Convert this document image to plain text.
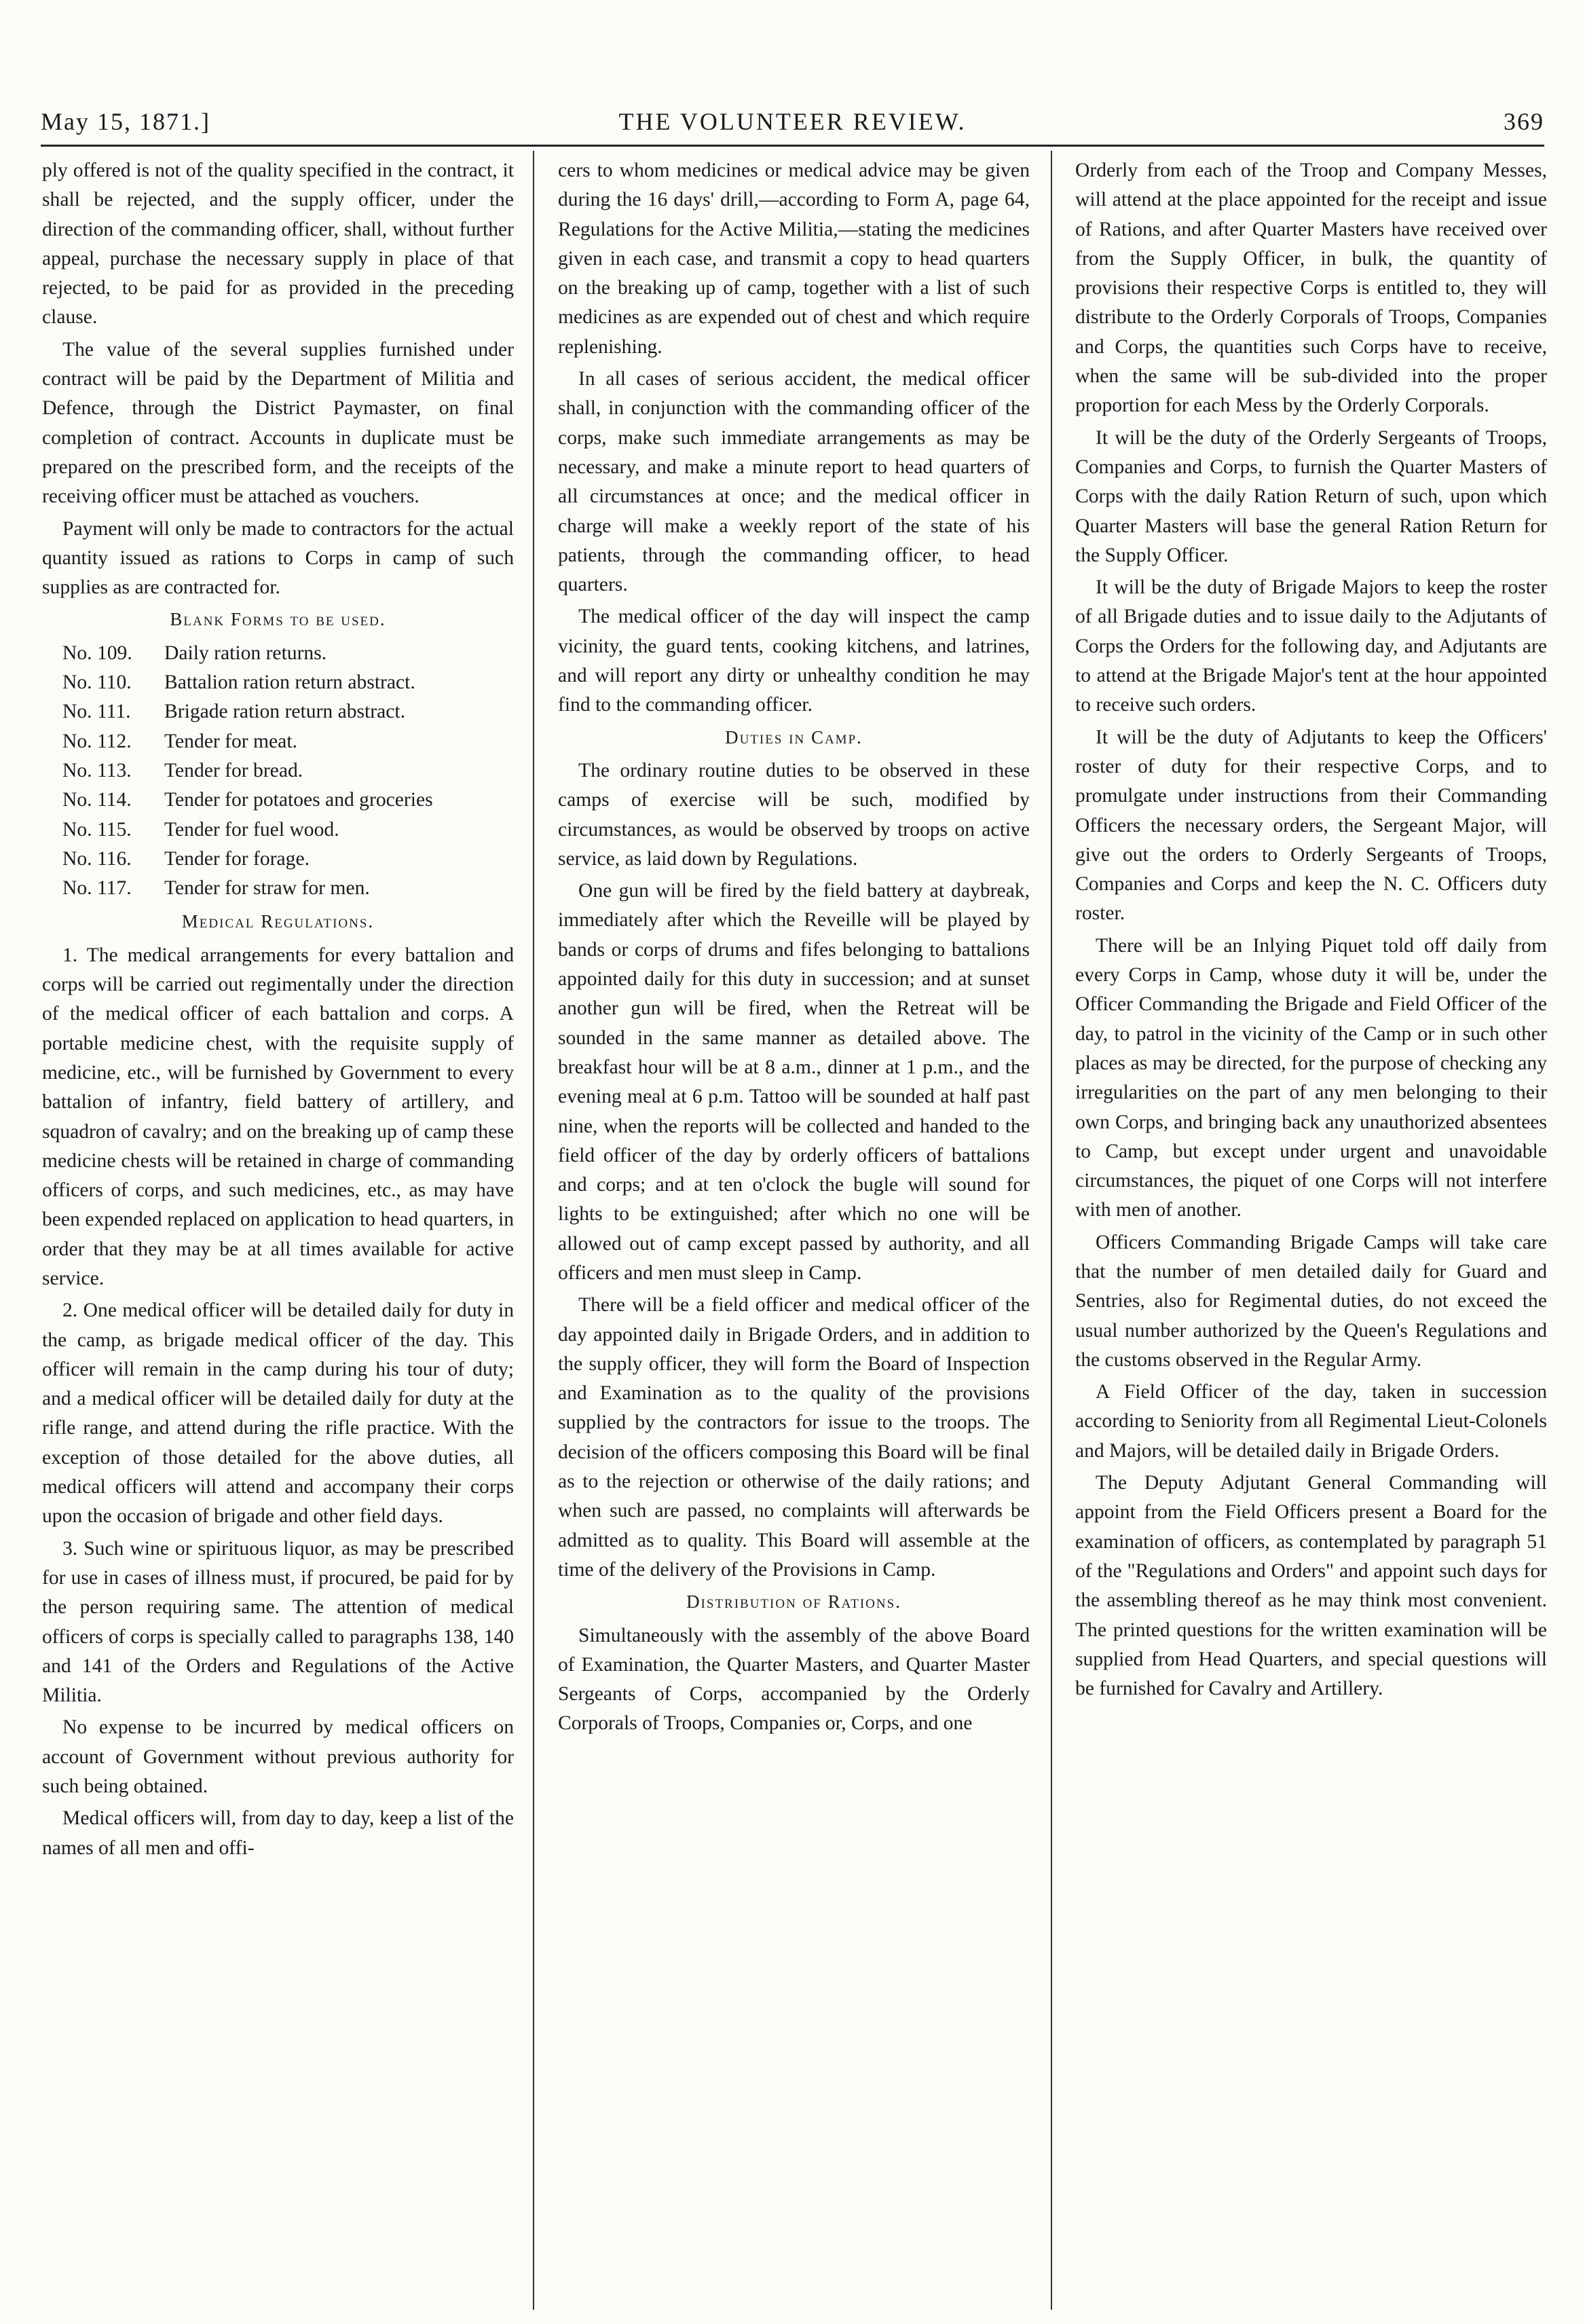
May 15, 1871.]	THE VOLUNTEER REVIEW.	369

ply offered is not of the quality specified in the contract, it shall be rejected, and the supply officer, under the direction of the commanding officer, shall, without further appeal, purchase the necessary supply in place of that rejected, to be paid for as provided in the preceding clause.

The value of the several supplies furnished under contract will be paid by the Department of Militia and Defence, through the District Paymaster, on final completion of contract. Accounts in duplicate must be prepared on the prescribed form, and the receipts of the receiving officer must be attached as vouchers.

Payment will only be made to contractors for the actual quantity issued as rations to Corps in camp of such supplies as are contracted for.

Blank Forms to be used.
No. 109. Daily ration returns.
No. 110. Battalion ration return abstract.
No. 111. Brigade ration return abstract.
No. 112. Tender for meat.
No. 113. Tender for bread.
No. 114. Tender for potatoes and groceries
No. 115. Tender for fuel wood.
No. 116. Tender for forage.
No. 117. Tender for straw for men.
Medical Regulations.

1. The medical arrangements for every battalion and corps will be carried out regimentally under the direction of the medical officer of each battalion and corps. A portable medicine chest, with the requisite supply of medicine, etc., will be furnished by Government to every battalion of infantry, field battery of artillery, and squadron of cavalry; and on the breaking up of camp these medicine chests will be retained in charge of commanding officers of corps, and such medicines, etc., as may have been expended replaced on application to head quarters, in order that they may be at all times available for active service.

2. One medical officer will be detailed daily for duty in the camp, as brigade medical officer of the day. This officer will remain in the camp during his tour of duty; and a medical officer will be detailed daily for duty at the rifle range, and attend during the rifle practice. With the exception of those detailed for the above duties, all medical officers will attend and accompany their corps upon the occasion of brigade and other field days.

3. Such wine or spirituous liquor, as may be prescribed for use in cases of illness must, if procured, be paid for by the person requiring same. The attention of medical officers of corps is specially called to paragraphs 138, 140 and 141 of the Orders and Regulations of the Active Militia.

No expense to be incurred by medical officers on account of Government without previous authority for such being obtained.

Medical officers will, from day to day, keep a list of the names of all men and offi-

cers to whom medicines or medical advice may be given during the 16 days' drill,—according to Form A, page 64, Regulations for the Active Militia,—stating the medicines given in each case, and transmit a copy to head quarters on the breaking up of camp, together with a list of such medicines as are expended out of chest and which require replenishing.

In all cases of serious accident, the medical officer shall, in conjunction with the commanding officer of the corps, make such immediate arrangements as may be necessary, and make a minute report to head quarters of all circumstances at once; and the medical officer in charge will make a weekly report of the state of his patients, through the commanding officer, to head quarters.

The medical officer of the day will inspect the camp vicinity, the guard tents, cooking kitchens, and latrines, and will report any dirty or unhealthy condition he may find to the commanding officer.

Duties in Camp.

The ordinary routine duties to be observed in these camps of exercise will be such, modified by circumstances, as would be observed by troops on active service, as laid down by Regulations.

One gun will be fired by the field battery at daybreak, immediately after which the Reveille will be played by bands or corps of drums and fifes belonging to battalions appointed daily for this duty in succession; and at sunset another gun will be fired, when the Retreat will be sounded in the same manner as detailed above. The breakfast hour will be at 8 a.m., dinner at 1 p.m., and the evening meal at 6 p.m. Tattoo will be sounded at half past nine, when the reports will be collected and handed to the field officer of the day by orderly officers of battalions and corps; and at ten o'clock the bugle will sound for lights to be extinguished; after which no one will be allowed out of camp except passed by authority, and all officers and men must sleep in Camp.

There will be a field officer and medical officer of the day appointed daily in Brigade Orders, and in addition to the supply officer, they will form the Board of Inspection and Examination as to the quality of the provisions supplied by the contractors for issue to the troops. The decision of the officers composing this Board will be final as to the rejection or otherwise of the daily rations; and when such are passed, no complaints will afterwards be admitted as to quality. This Board will assemble at the time of the delivery of the Provisions in Camp.

Distribution of Rations.

Simultaneously with the assembly of the above Board of Examination, the Quarter Masters, and Quarter Master Sergeants of Corps, accompanied by the Orderly Corporals of Troops, Companies or, Corps, and one

Orderly from each of the Troop and Company Messes, will attend at the place appointed for the receipt and issue of Rations, and after Quarter Masters have received over from the Supply Officer, in bulk, the quantity of provisions their respective Corps is entitled to, they will distribute to the Orderly Corporals of Troops, Companies and Corps, the quantities such Corps have to receive, when the same will be sub-divided into the proper proportion for each Mess by the Orderly Corporals.

It will be the duty of the Orderly Sergeants of Troops, Companies and Corps, to furnish the Quarter Masters of Corps with the daily Ration Return of such, upon which Quarter Masters will base the general Ration Return for the Supply Officer.

It will be the duty of Brigade Majors to keep the roster of all Brigade duties and to issue daily to the Adjutants of Corps the Orders for the following day, and Adjutants are to attend at the Brigade Major's tent at the hour appointed to receive such orders.

It will be the duty of Adjutants to keep the Officers' roster of duty for their respective Corps, and to promulgate under instructions from their Commanding Officers the necessary orders, the Sergeant Major, will give out the orders to Orderly Sergeants of Troops, Companies and Corps and keep the N. C. Officers duty roster.

There will be an Inlying Piquet told off daily from every Corps in Camp, whose duty it will be, under the Officer Commanding the Brigade and Field Officer of the day, to patrol in the vicinity of the Camp or in such other places as may be directed, for the purpose of checking any irregularities on the part of any men belonging to their own Corps, and bringing back any unauthorized absentees to Camp, but except under urgent and unavoidable circumstances, the piquet of one Corps will not interfere with men of another.

Officers Commanding Brigade Camps will take care that the number of men detailed daily for Guard and Sentries, also for Regimental duties, do not exceed the usual number authorized by the Queen's Regulations and the customs observed in the Regular Army.

A Field Officer of the day, taken in succession according to Seniority from all Regimental Lieut-Colonels and Majors, will be detailed daily in Brigade Orders.

The Deputy Adjutant General Commanding will appoint from the Field Officers present a Board for the examination of officers, as contemplated by paragraph 51 of the "Regulations and Orders" and appoint such days for the assembling thereof as he may think most convenient. The printed questions for the written examination will be supplied from Head Quarters, and special questions will be furnished for Cavalry and Artillery.
